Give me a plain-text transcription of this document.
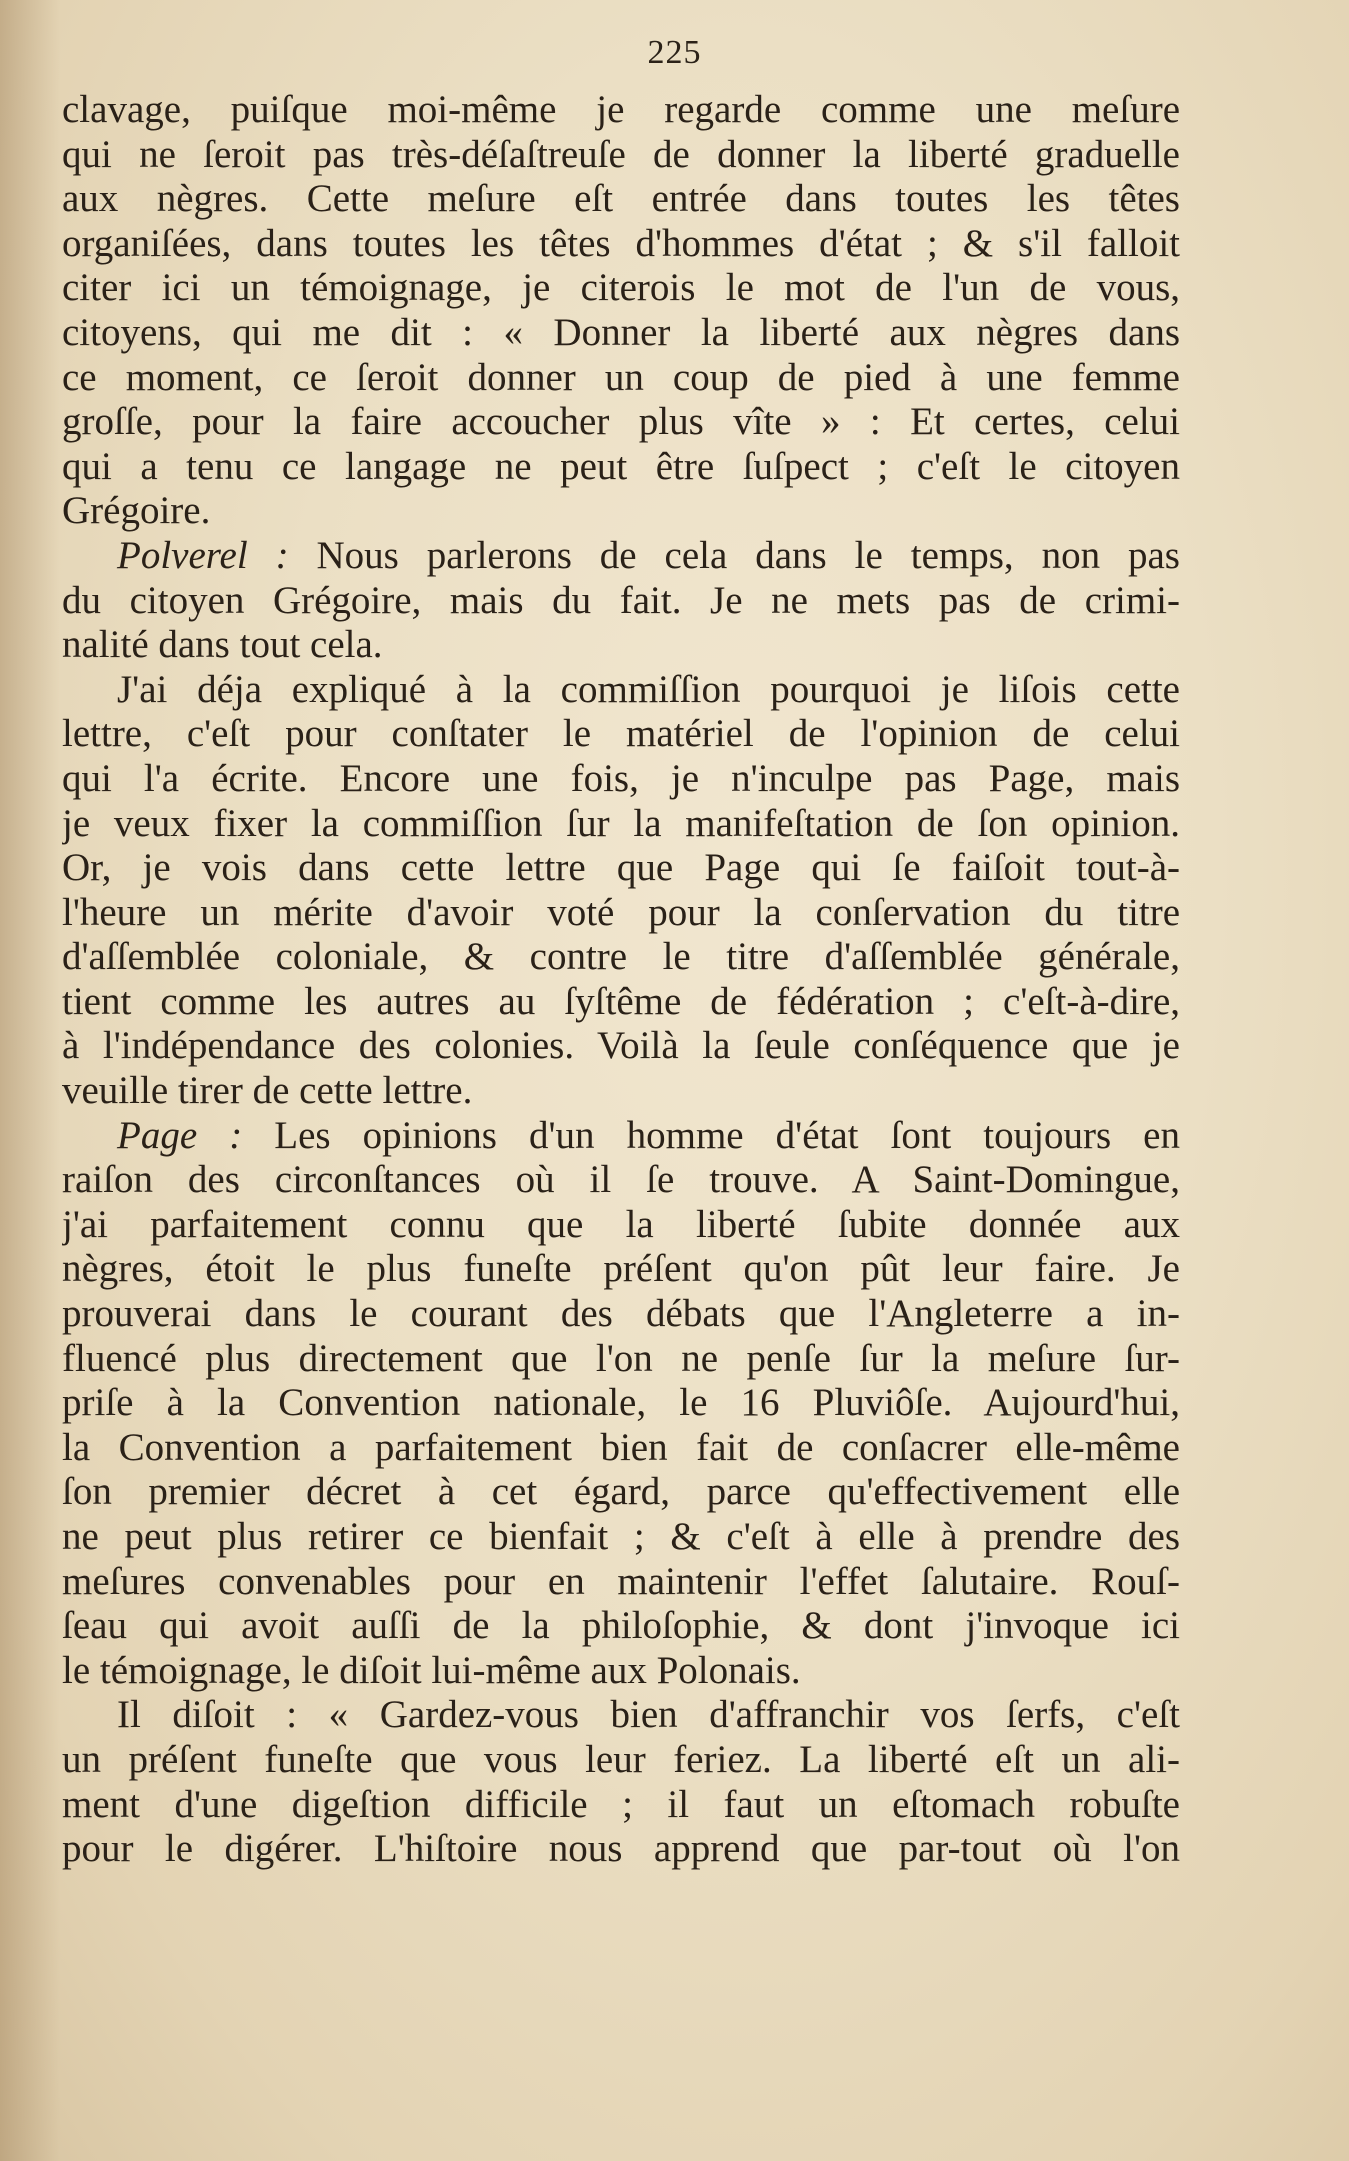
225
clavage, puiſque moi-même je regarde comme une meſure
qui ne ſeroit pas très-déſaſtreuſe de donner la liberté graduelle
aux nègres. Cette meſure eſt entrée dans toutes les têtes
organiſées, dans toutes les têtes d'hommes d'état ; & s'il falloit
citer ici un témoignage, je citerois le mot de l'un de vous,
citoyens, qui me dit : « Donner la liberté aux nègres dans
ce moment, ce ſeroit donner un coup de pied à une femme
groſſe, pour la faire accoucher plus vîte » : Et certes, celui
qui a tenu ce langage ne peut être ſuſpect ; c'eſt le citoyen
Grégoire.
Polverel : Nous parlerons de cela dans le temps, non pas
du citoyen Grégoire, mais du fait. Je ne mets pas de crimi-
nalité dans tout cela.
J'ai déja expliqué à la commiſſion pourquoi je liſois cette
lettre, c'eſt pour conſtater le matériel de l'opinion de celui
qui l'a écrite. Encore une fois, je n'inculpe pas Page, mais
je veux fixer la commiſſion ſur la manifeſtation de ſon opinion.
Or, je vois dans cette lettre que Page qui ſe faiſoit tout-à-
l'heure un mérite d'avoir voté pour la conſervation du titre
d'aſſemblée coloniale, & contre le titre d'aſſemblée générale,
tient comme les autres au ſyſtême de fédération ; c'eſt-à-dire,
à l'indépendance des colonies. Voilà la ſeule conſéquence que je
veuille tirer de cette lettre.
Page : Les opinions d'un homme d'état ſont toujours en
raiſon des circonſtances où il ſe trouve. A Saint-Domingue,
j'ai parfaitement connu que la liberté ſubite donnée aux
nègres, étoit le plus funeſte préſent qu'on pût leur faire. Je
prouverai dans le courant des débats que l'Angleterre a in-
fluencé plus directement que l'on ne penſe ſur la meſure ſur-
priſe à la Convention nationale, le 16 Pluviôſe. Aujourd'hui,
la Convention a parfaitement bien fait de conſacrer elle-même
ſon premier décret à cet égard, parce qu'effectivement elle
ne peut plus retirer ce bienfait ; & c'eſt à elle à prendre des
meſures convenables pour en maintenir l'effet ſalutaire. Rouſ-
ſeau qui avoit auſſi de la philoſophie, & dont j'invoque ici
le témoignage, le diſoit lui-même aux Polonais.
Il diſoit : « Gardez-vous bien d'affranchir vos ſerfs, c'eſt
un préſent funeſte que vous leur feriez. La liberté eſt un ali-
ment d'une digeſtion difficile ; il faut un eſtomach robuſte
pour le digérer. L'hiſtoire nous apprend que par-tout où l'on
